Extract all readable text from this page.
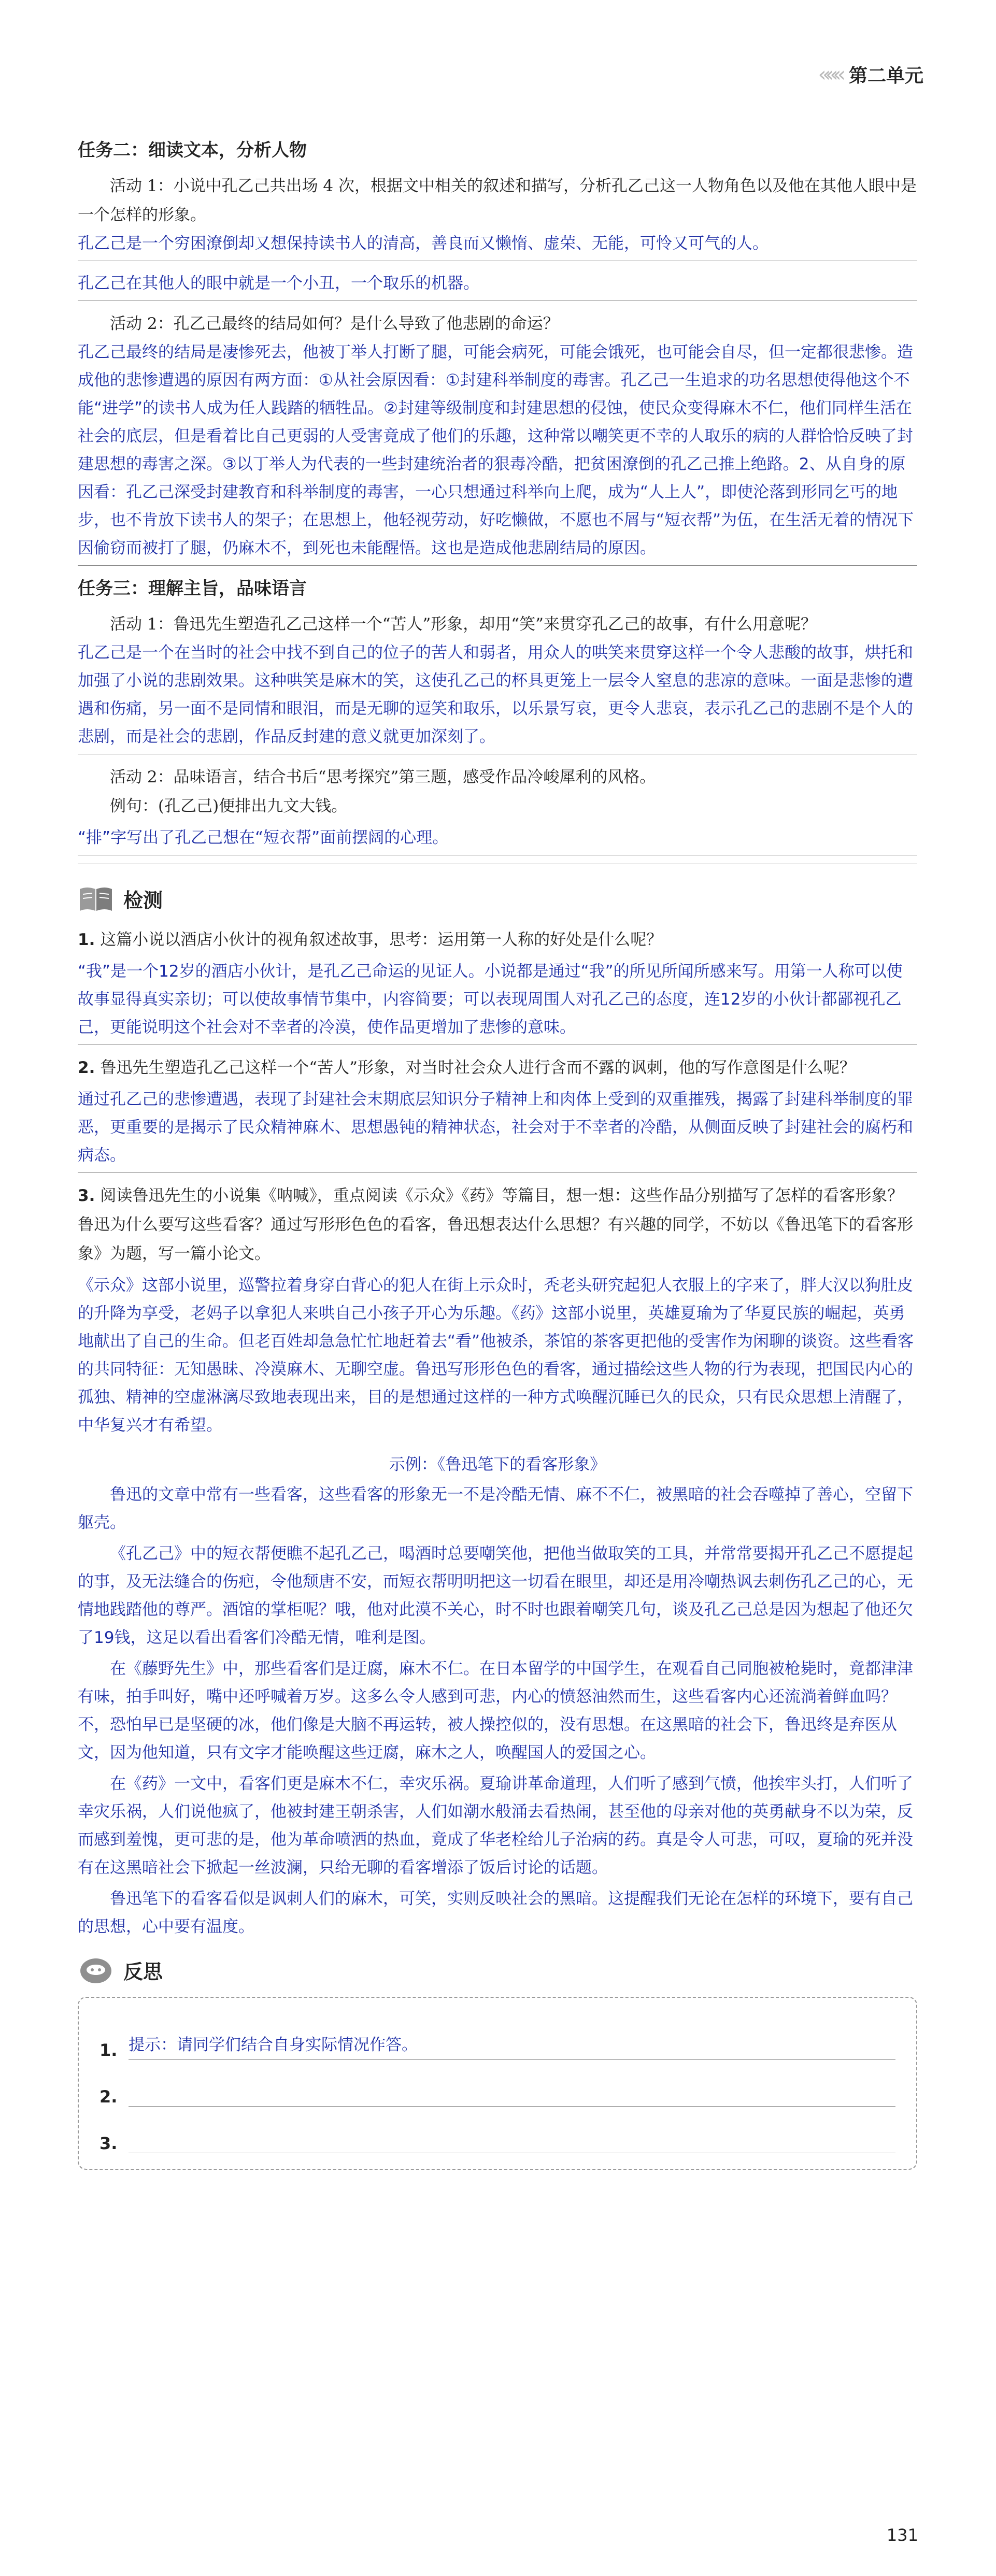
««« 第二单元
任务二：细读文本，分析人物

活动 1：小说中孔乙己共出场 4 次，根据文中相关的叙述和描写，分析孔乙己这一人物角色以及他在其他人眼中是一个怎样的形象。

孔乙己是一个穷困潦倒却又想保持读书人的清高，善良而又懒惰、虚荣、无能，可怜又可气的人。

孔乙己在其他人的眼中就是一个小丑，一个取乐的机器。

活动 2：孔乙己最终的结局如何？是什么导致了他悲剧的命运？

孔乙己最终的结局是凄惨死去，他被丁举人打断了腿，可能会病死，可能会饿死，也可能会自尽，但一定都很悲惨。造成他的悲惨遭遇的原因有两方面：①从社会原因看：①封建科举制度的毒害。孔乙己一生追求的功名思想使得他这个不能“进学”的读书人成为任人践踏的牺牲品。②封建等级制度和封建思想的侵蚀，使民众变得麻木不仁，他们同样生活在社会的底层，但是看着比自己更弱的人受害竟成了他们的乐趣，这种常以嘲笑更不幸的人取乐的病的人群恰恰反映了封建思想的毒害之深。③以丁举人为代表的一些封建统治者的狠毒冷酷，把贫困潦倒的孔乙己推上绝路。2、从自身的原因看：孔乙己深受封建教育和科举制度的毒害，一心只想通过科举向上爬，成为“人上人”，即使沦落到形同乞丐的地步，也不肯放下读书人的架子；在思想上，他轻视劳动，好吃懒做，不愿也不屑与“短衣帮”为伍，在生活无着的情况下因偷窃而被打了腿，仍麻木不，到死也未能醒悟。这也是造成他悲剧结局的原因。

任务三：理解主旨，品味语言

活动 1：鲁迅先生塑造孔乙己这样一个“苦人”形象，却用“笑”来贯穿孔乙己的故事，有什么用意呢？

孔乙己是一个在当时的社会中找不到自己的位子的苦人和弱者，用众人的哄笑来贯穿这样一个令人悲酸的故事，烘托和加强了小说的悲剧效果。这种哄笑是麻木的笑，这使孔乙己的杯具更笼上一层令人窒息的悲凉的意味。一面是悲惨的遭遇和伤痛，另一面不是同情和眼泪，而是无聊的逗笑和取乐，以乐景写哀，更令人悲哀，表示孔乙己的悲剧不是个人的悲剧，而是社会的悲剧，作品反封建的意义就更加深刻了。

活动 2：品味语言，结合书后“思考探究”第三题，感受作品冷峻犀利的风格。

例句：(孔乙己)便排出九文大钱。

“排”字写出了孔乙己想在“短衣帮”面前摆阔的心理。

检测

1. 这篇小说以酒店小伙计的视角叙述故事，思考：运用第一人称的好处是什么呢？

“我”是一个12岁的酒店小伙计，是孔乙己命运的见证人。小说都是通过“我”的所见所闻所感来写。用第一人称可以使故事显得真实亲切；可以使故事情节集中，内容简要；可以表现周围人对孔乙己的态度，连12岁的小伙计都鄙视孔乙己，更能说明这个社会对不幸者的冷漠，使作品更增加了悲惨的意味。

2. 鲁迅先生塑造孔乙己这样一个“苦人”形象，对当时社会众人进行含而不露的讽刺，他的写作意图是什么呢？

通过孔乙己的悲惨遭遇，表现了封建社会末期底层知识分子精神上和肉体上受到的双重摧残，揭露了封建科举制度的罪恶，更重要的是揭示了民众精神麻木、思想愚钝的精神状态，社会对于不幸者的冷酷，从侧面反映了封建社会的腐朽和病态。

3. 阅读鲁迅先生的小说集《呐喊》，重点阅读《示众》《药》等篇目，想一想：这些作品分别描写了怎样的看客形象？鲁迅为什么要写这些看客？通过写形形色色的看客，鲁迅想表达什么思想？有兴趣的同学，不妨以《鲁迅笔下的看客形象》为题，写一篇小论文。

《示众》这部小说里，巡警拉着身穿白背心的犯人在街上示众时，秃老头研究起犯人衣服上的字来了，胖大汉以狗肚皮的升降为享受，老妈子以拿犯人来哄自己小孩子开心为乐趣。《药》这部小说里，英雄夏瑜为了华夏民族的崛起，英勇地献出了自己的生命。但老百姓却急急忙忙地赶着去“看”他被杀，茶馆的茶客更把他的受害作为闲聊的谈资。这些看客的共同特征：无知愚昧、冷漠麻木、无聊空虚。鲁迅写形形色色的看客，通过描绘这些人物的行为表现，把国民内心的孤独、精神的空虚淋漓尽致地表现出来，目的是想通过这样的一种方式唤醒沉睡已久的民众，只有民众思想上清醒了，中华复兴才有希望。

示例：《鲁迅笔下的看客形象》

鲁迅的文章中常有一些看客，这些看客的形象无一不是冷酷无情、麻不不仁，被黑暗的社会吞噬掉了善心，空留下躯壳。

《孔乙己》中的短衣帮便瞧不起孔乙己，喝酒时总要嘲笑他，把他当做取笑的工具，并常常要揭开孔乙己不愿提起的事，及无法缝合的伤疤，令他颓唐不安，而短衣帮明明把这一切看在眼里，却还是用冷嘲热讽去刺伤孔乙己的心，无情地践踏他的尊严。酒馆的掌柜呢？哦，他对此漠不关心，时不时也跟着嘲笑几句，谈及孔乙己总是因为想起了他还欠了19钱，这足以看出看客们冷酷无情，唯利是图。

在《藤野先生》中，那些看客们是迂腐，麻木不仁。在日本留学的中国学生，在观看自己同胞被枪毙时，竟都津津有味，拍手叫好，嘴中还呼喊着万岁。这多么令人感到可悲，内心的愤怒油然而生，这些看客内心还流淌着鲜血吗？不，恐怕早已是坚硬的冰，他们像是大脑不再运转，被人操控似的，没有思想。在这黑暗的社会下，鲁迅终是弃医从文，因为他知道，只有文字才能唤醒这些迂腐，麻木之人，唤醒国人的爱国之心。

在《药》一文中，看客们更是麻木不仁，幸灾乐祸。夏瑜讲革命道理，人们听了感到气愤，他挨牢头打，人们听了幸灾乐祸，人们说他疯了，他被封建王朝杀害，人们如潮水般涌去看热闹，甚至他的母亲对他的英勇献身不以为荣，反而感到羞愧，更可悲的是，他为革命喷洒的热血，竟成了华老栓给儿子治病的药。真是令人可悲，可叹，夏瑜的死并没有在这黑暗社会下掀起一丝波澜，只给无聊的看客增添了饭后讨论的话题。

鲁迅笔下的看客看似是讽刺人们的麻木，可笑，实则反映社会的黑暗。这提醒我们无论在怎样的环境下，要有自己的思想，心中要有温度。

反思
1. 提示：请同学们结合自身实际情况作答。
2.
3.
131
